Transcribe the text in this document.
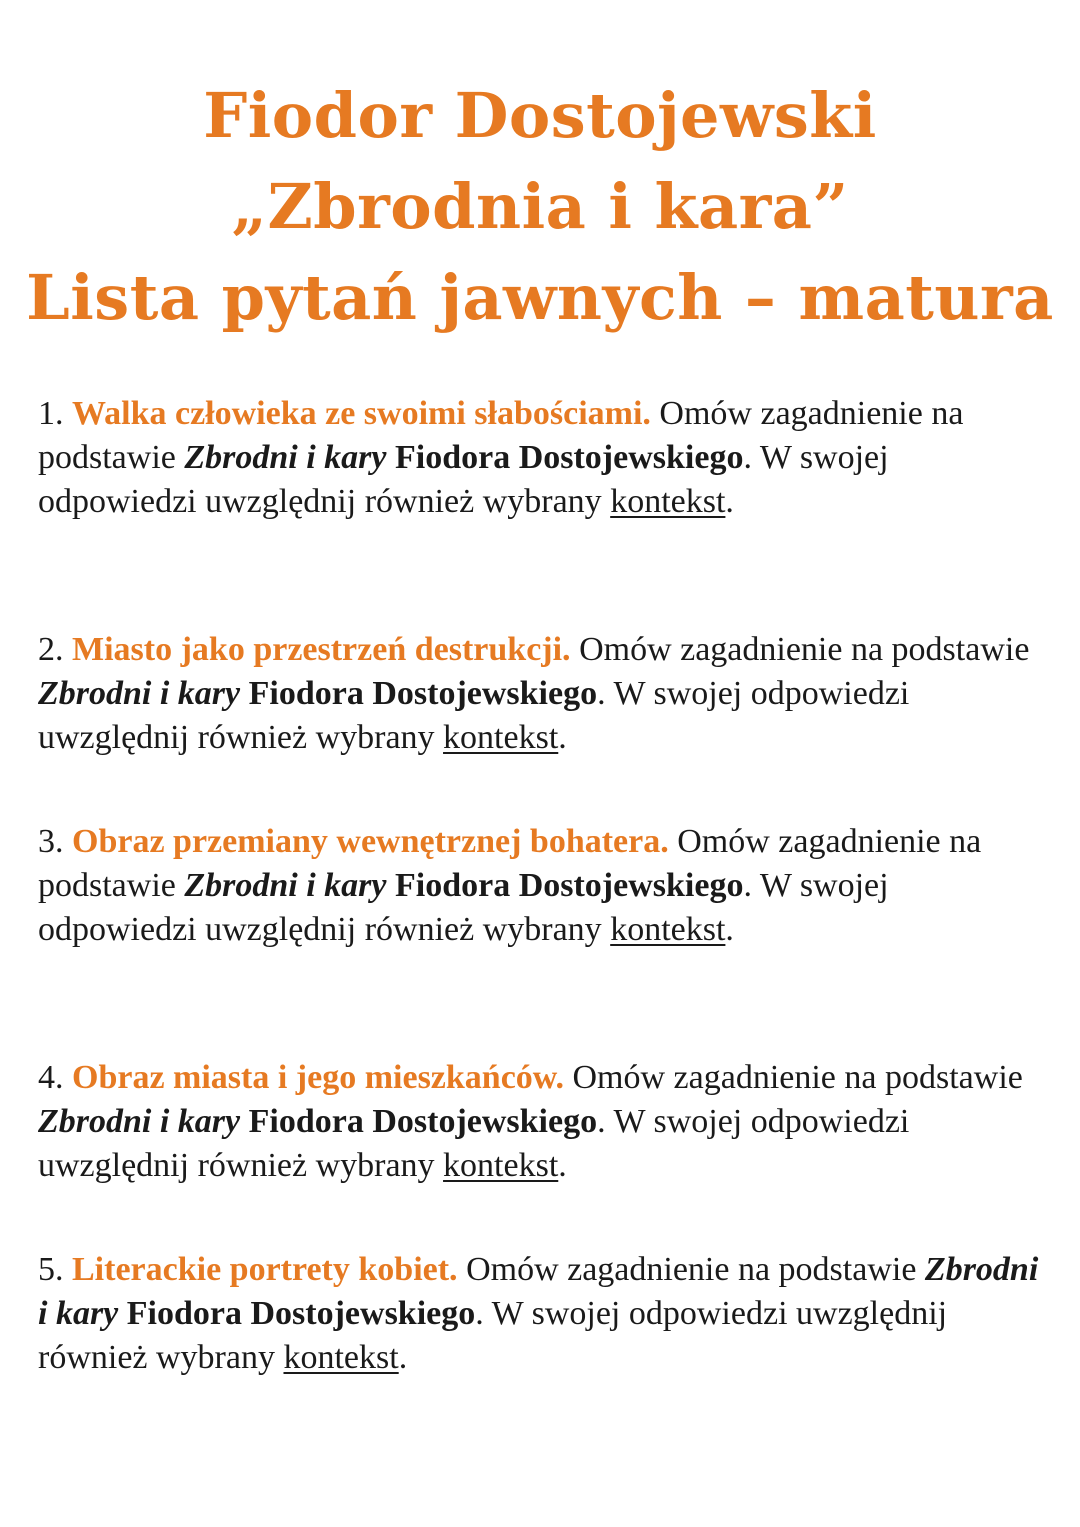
Fiodor Dostojewski
„Zbrodnia i kara”
Lista pytań jawnych – matura
1. Walka człowieka ze swoimi słabościami. Omów zagadnienie na podstawie Zbrodni i kary Fiodora Dostojewskiego. W swojej odpowiedzi uwzględnij również wybrany kontekst.
2. Miasto jako przestrzeń destrukcji. Omów zagadnienie na podstawie Zbrodni i kary Fiodora Dostojewskiego. W swojej odpowiedzi uwzględnij również wybrany kontekst.
3. Obraz przemiany wewnętrznej bohatera. Omów zagadnienie na podstawie Zbrodni i kary Fiodora Dostojewskiego. W swojej odpowiedzi uwzględnij również wybrany kontekst.
4. Obraz miasta i jego mieszkańców. Omów zagadnienie na podstawie Zbrodni i kary Fiodora Dostojewskiego. W swojej odpowiedzi uwzględnij również wybrany kontekst.
5. Literackie portrety kobiet. Omów zagadnienie na podstawie Zbrodni i kary Fiodora Dostojewskiego. W swojej odpowiedzi uwzględnij również wybrany kontekst.
